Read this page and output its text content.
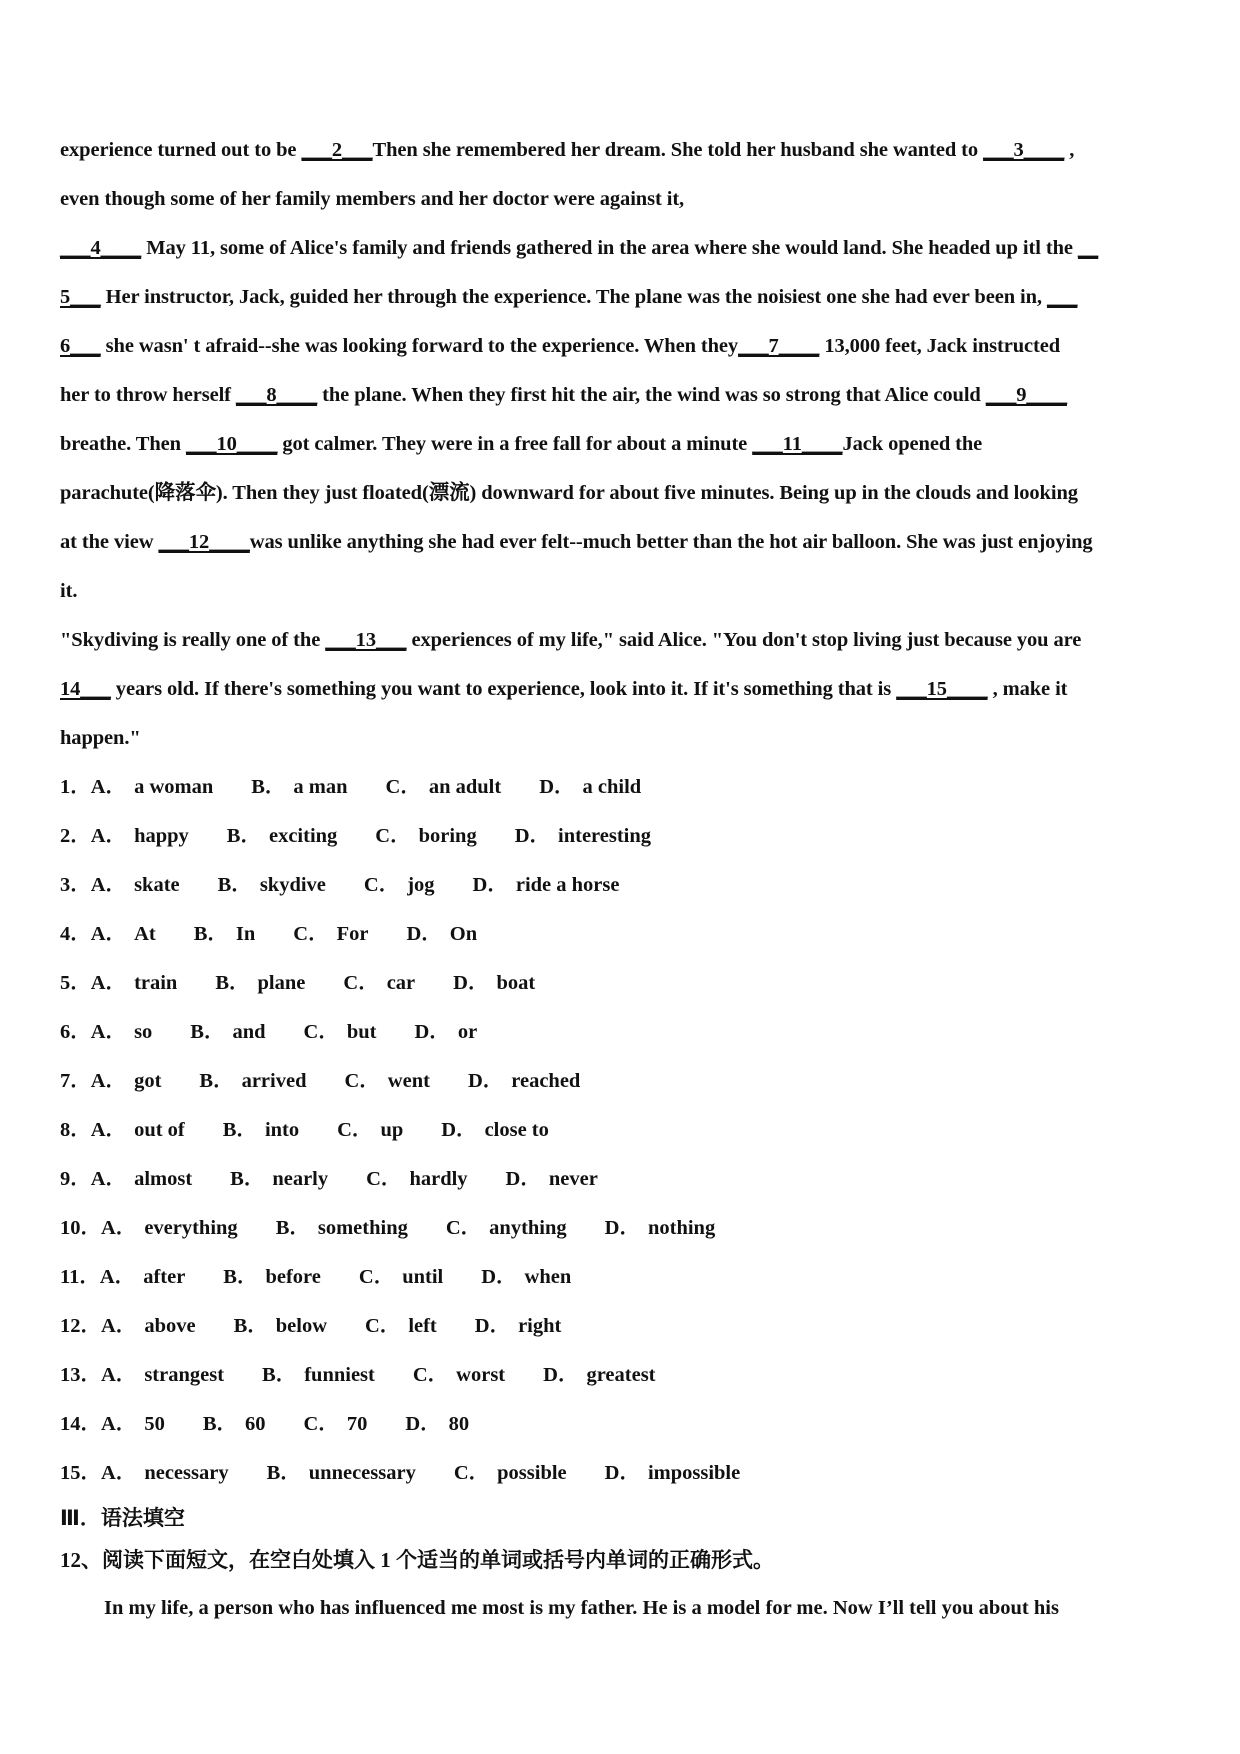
experience turned out to be ___2___Then she remembered her dream. She told her husband she wanted to ___3____ ,
even though some of her family members and her doctor were against it,
___4____ May 11, some of Alice's family and friends gathered in the area where she would land. She headed up itl the __
5___ Her instructor, Jack, guided her through the experience. The plane was the noisiest one she had ever been in, ___
6___ she wasn' t afraid--she was looking forward to the experience. When they___7____ 13,000 feet, Jack instructed
her to throw herself ___8____ the plane. When they first hit the air, the wind was so strong that Alice could ___9____
breathe. Then ___10____ got calmer. They were in a free fall for about a minute ___11____Jack opened the
parachute(降落伞). Then they just floated(漂流) downward for about five minutes. Being up in the clouds and looking
at the view ___12____was unlike anything she had ever felt--much better than the hot air balloon. She was just enjoying
it.
"Skydiving is really one of the ___13___ experiences of my life," said Alice. "You don't stop living just because you are
14___ years old. If there's something you want to experience, look into it. If it's something that is ___15____ , make it
happen."
1．A． a woman B． a man C． an adult D． a child
2．A． happy B． exciting C． boring D． interesting
3．A． skate B． skydive C． jog D． ride a horse
4．A． At B． In C． For D． On
5．A． train B． plane C． car D． boat
6．A． so B． and C． but D． or
7．A． got B． arrived C． went D． reached
8．A． out of B． into C． up D． close to
9．A． almost B． nearly C． hardly D． never
10．A． everything B． something C． anything D． nothing
11．A． after B． before C． until D． when
12．A． above B． below C． left D． right
13．A． strangest B． funniest C． worst D． greatest
14．A． 50 B． 60 C． 70 D． 80
15．A． necessary B． unnecessary C． possible D． impossible
Ⅲ．语法填空
12、阅读下面短文，在空白处填入 1 个适当的单词或括号内单词的正确形式。
In my life, a person who has influenced me most is my father. He is a model for me. Now I’ll tell you about his
